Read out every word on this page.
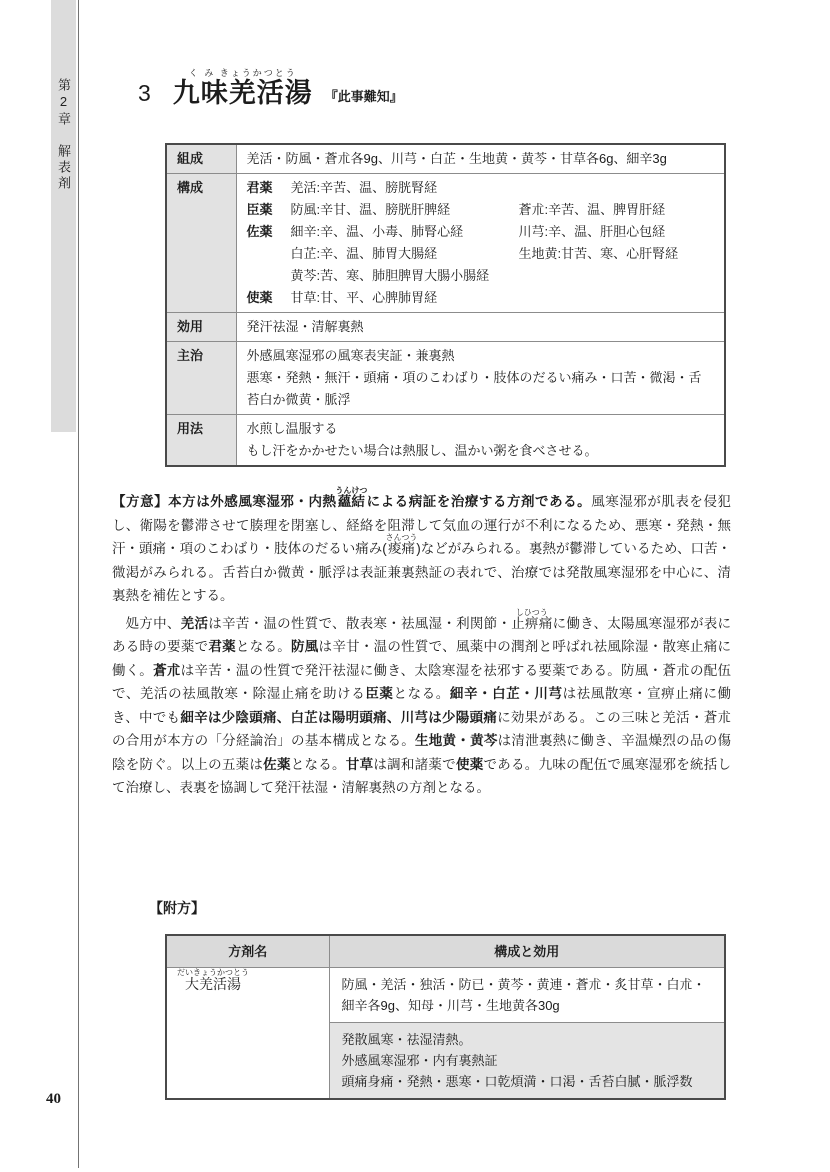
第2章　解表剤	3 九味羌活湯く み きょうかつとう
『此事難知』
組成	羌活・防風・蒼朮各9g、川芎・白芷・生地黄・黄芩・甘草各6g、細辛3g
構成	君薬	羌活:辛苦、温、膀胱腎経
臣薬	防風:辛甘、温、膀胱肝脾経	蒼朮:辛苦、温、脾胃肝経
佐薬	細辛:辛、温、小毒、肺腎心経	川芎:辛、温、肝胆心包経
白芷:辛、温、肺胃大腸経	生地黄:甘苦、寒、心肝腎経
黄芩:苦、寒、肺胆脾胃大腸小腸経
使薬	甘草:甘、平、心脾肺胃経

効用	発汗祛湿・清解裏熱
主治	外感風寒湿邪の風寒表実証・兼裏熱
悪寒・発熱・無汗・頭痛・項のこわばり・肢体のだるい痛み・口苦・微渇・舌苔白か微黄・脈浮

用法	水煎し温服する
もし汗をかかせたい場合は熱服し、温かい粥を食べさせる。

【方意】本方は外感風寒湿邪・内熱蘊結うんけつによる病証を治療する方剤である。風寒湿邪が肌表を侵犯し、衛陽を鬱滞させて腠理を閉塞し、経絡を阻滞して気血の運行が不利になるため、悪寒・発熱・無汗・頭痛・項のこわばり・肢体のだるい痛み(痠痛さんつう)などがみられる。裏熱が鬱滞しているため、口苦・微渇がみられる。舌苔白か微黄・脈浮は表証兼裏熱証の表れで、治療では発散風寒湿邪を中心に、清裏熱を補佐とする。

処方中、羌活は辛苦・温の性質で、散表寒・祛風湿・利関節・止痹痛しひつうに働き、太陽風寒湿邪が表にある時の要薬で君薬となる。防風は辛甘・温の性質で、風薬中の潤剤と呼ばれ祛風除湿・散寒止痛に働く。蒼朮は辛苦・温の性質で発汗祛湿に働き、太陰寒湿を祛邪する要薬である。防風・蒼朮の配伍で、羌活の祛風散寒・除湿止痛を助ける臣薬となる。細辛・白芷・川芎は祛風散寒・宣痹止痛に働き、中でも細辛は少陰頭痛、白芷は陽明頭痛、川芎は少陽頭痛に効果がある。この三味と羌活・蒼朮の合用が本方の「分経論治」の基本構成となる。生地黄・黄芩は清泄裏熱に働き、辛温燥烈の品の傷陰を防ぐ。以上の五薬は佐薬となる。甘草は調和諸薬で使薬である。九味の配伍で風寒湿邪を統括して治療し、表裏を協調して発汗祛湿・清解裏熱の方剤となる。

【附方】
方剤名	構成と効用
大羌活湯だいきょうかつとう	防風・羌活・独活・防已・黄芩・黄連・蒼朮・炙甘草・白朮・細辛各9g、知母・川芎・生地黄各30g

	発散風寒・祛湿清熱。
外感風寒湿邪・内有裏熱証
頭痛身痛・発熱・悪寒・口乾煩満・口渇・舌苔白膩・脈浮数
40
